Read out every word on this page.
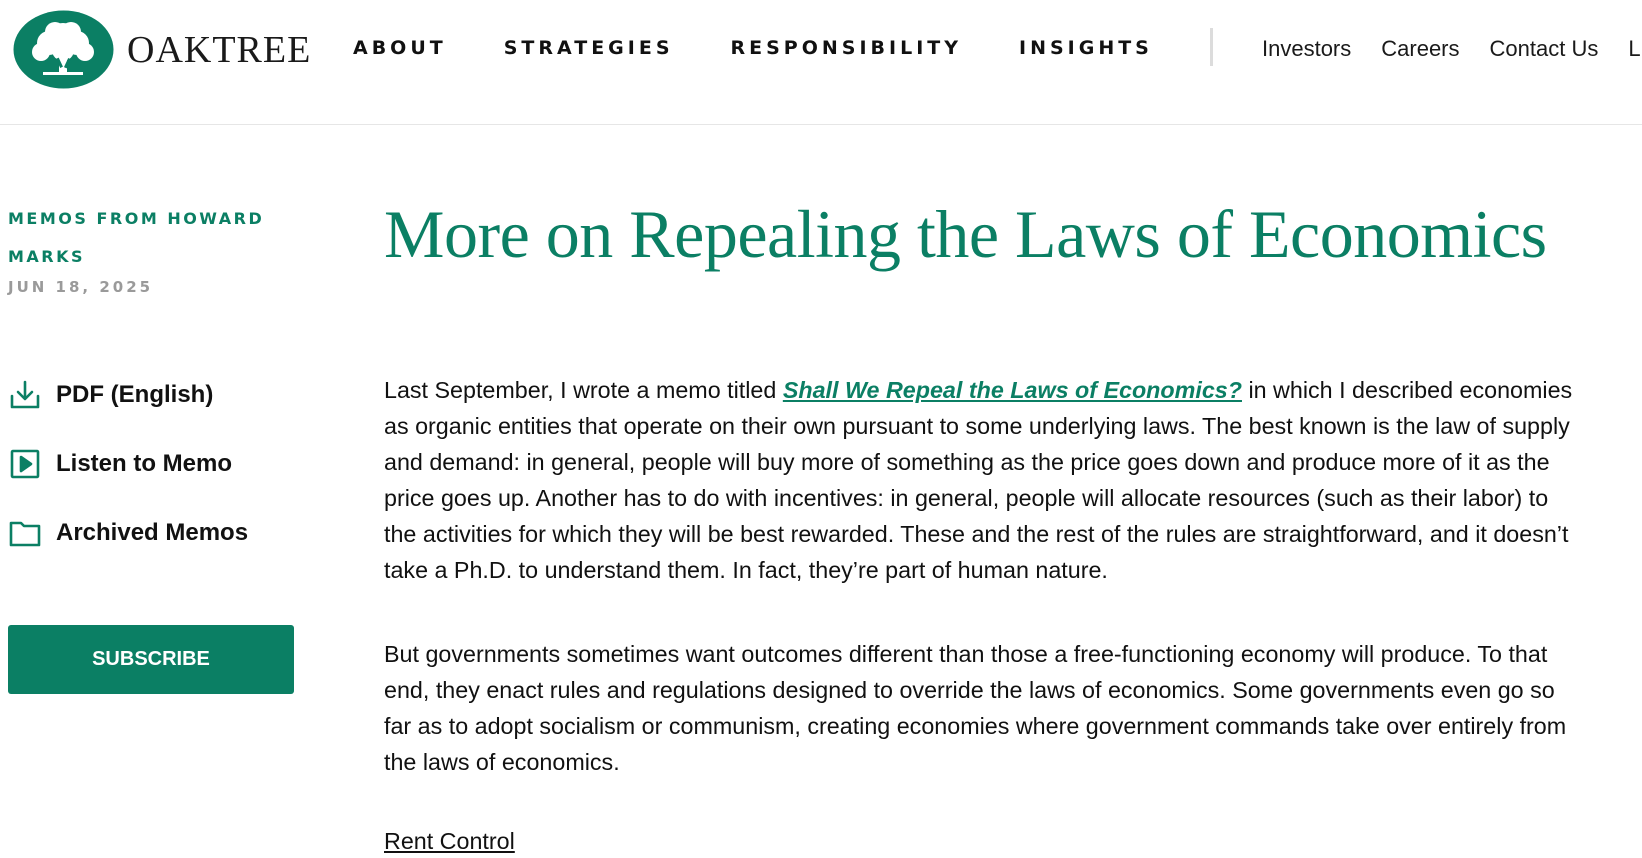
OAKTREE ABOUT	STRATEGIES	RESPONSIBILITY	INSIGHTS	Investors Careers Contact Us L
MEMOS FROM HOWARD MARKS
JUN 18, 2025
PDF (English)
Listen to Memo
Archived Memos
SUBSCRIBE
More on Repealing the Laws of Economics

Last September, I wrote a memo titled Shall We Repeal the Laws of Economics? in which I described economies as organic entities that operate on their own pursuant to some underlying laws. The best known is the law of supply and demand: in general, people will buy more of something as the price goes down and produce more of it as the price goes up. Another has to do with incentives: in general, people will allocate resources (such as their labor) to the activities for which they will be best rewarded. These and the rest of the rules are straightforward, and it doesn’t take a Ph.D. to understand them. In fact, they’re part of human nature.

But governments sometimes want outcomes different than those a free-functioning economy will produce. To that end, they enact rules and regulations designed to override the laws of economics. Some governments even go so far as to adopt socialism or communism, creating economies where government commands take over entirely from the laws of economics.

Rent Control
